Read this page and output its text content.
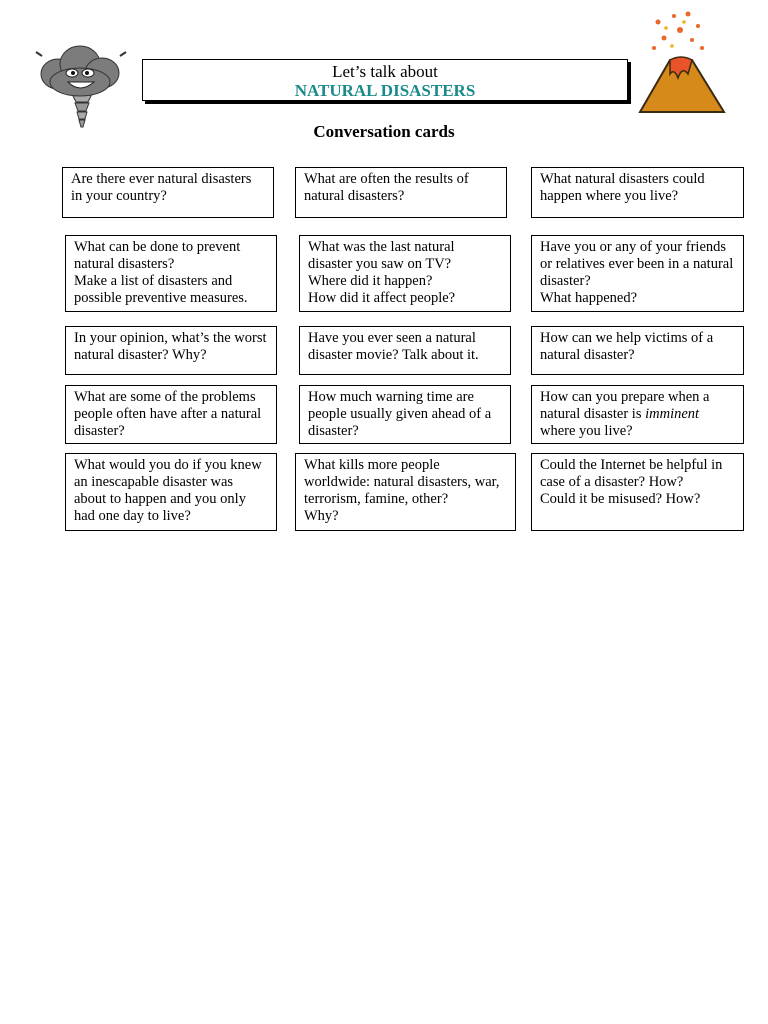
Let’s talk about
NATURAL DISASTERS
Conversation cards

Are there ever natural disasters in your country?

What are often the results of natural disasters?

What natural disasters could happen where you live?

What can be done to prevent natural disasters?

Make a list of disasters and possible preventive measures.

What was the last natural disaster you saw on TV?

Where did it happen?

How did it affect people?

Have you or any of your friends or relatives ever been in a natural disaster?

What happened?

In your opinion, what’s the worst natural disaster? Why?

Have you ever seen a natural disaster movie? Talk about it.

How can we help victims of a natural disaster?

What are some of the problems people often have after a natural disaster?

How much warning time are people usually given ahead of a disaster?

How can you prepare when a natural disaster is imminent where you live?

What would you do if you knew an inescapable disaster was about to happen and you only had one day to live?

What kills more people worldwide: natural disasters, war, terrorism, famine, other?

Why?

Could the Internet be helpful in case of a disaster? How?

Could it be misused? How?
